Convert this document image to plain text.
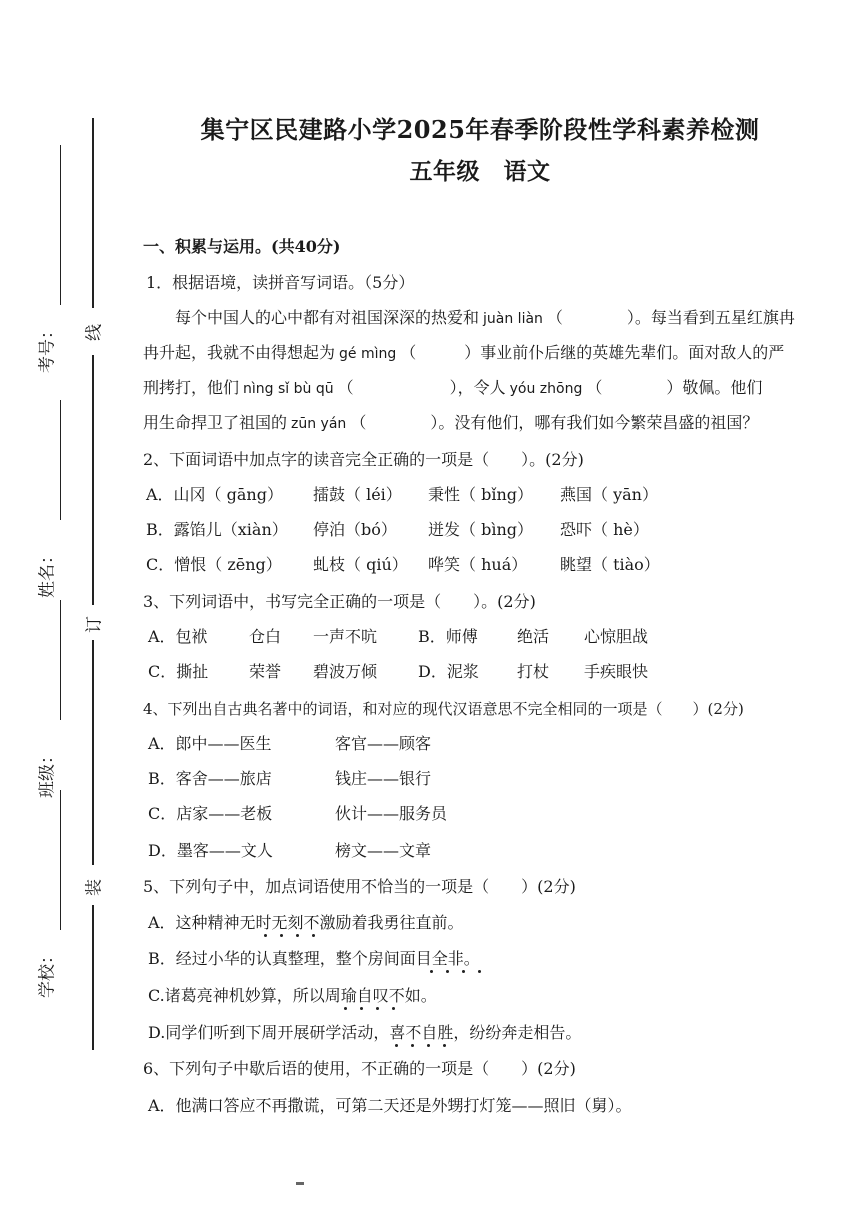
考号：
姓名：
班级：
学校：
线
订
装
集宁区民建路小学2025年春季阶段性学科素养检测
五年级　语文
一、积累与运用。(共40分)
1．根据语境，读拼音写词语。（5分）
每个中国人的心中都有对祖国深深的热爱和 juàn liàn （　　　　）。每当看到五星红旗冉
冉升起，我就不由得想起为 gé mìng （　　　）事业前仆后继的英雄先辈们。面对敌人的严
刑拷打，他们 nìng sǐ bù qū （　　　　　　），令人 yóu zhōng （　　　　）敬佩。他们
用生命捍卫了祖国的 zūn yán （　　　　）。没有他们，哪有我们如今繁荣昌盛的祖国？
2、下面词语中加点字的读音完全正确的一项是（　　）。(2分)
A．山冈（ gāng） 擂鼓（ léi） 秉性（ bǐng） 燕国（ yān）
B．露馅儿（xiàn） 停泊（bó） 迸发（ bìng） 恐吓（ hè）
C．憎恨（ zēng） 虬枝（ qiú） 哗笑（ huá） 眺望（ tiào）
3、下列词语中，书写完全正确的一项是（　　）。(2分)
A．包袱	仓白 一声不吭	B．师傅 绝活 心惊胆战
C．撕扯	荣誉 碧波万倾	D．泥浆 打杖 手疾眼快
4、下列出自古典名著中的词语，和对应的现代汉语意思不完全相同的一项是（　　）(2分)
A．郎中——医生	客官——顾客
B．客舍——旅店	钱庄——银行
C．店家——老板	伙计——服务员
D．墨客——文人	榜文——文章
5、下列句子中，加点词语使用不恰当的一项是（　　）(2分)
A．这种精神无时无刻不激励着我勇往直前。
B．经过小华的认真整理，整个房间面目全非。
C.诸葛亮神机妙算，所以周瑜自叹不如。
D.同学们听到下周开展研学活动，喜不自胜，纷纷奔走相告。
6、下列句子中歇后语的使用，不正确的一项是（　　）(2分)
A．他满口答应不再撒谎，可第二天还是外甥打灯笼——照旧（舅）。
